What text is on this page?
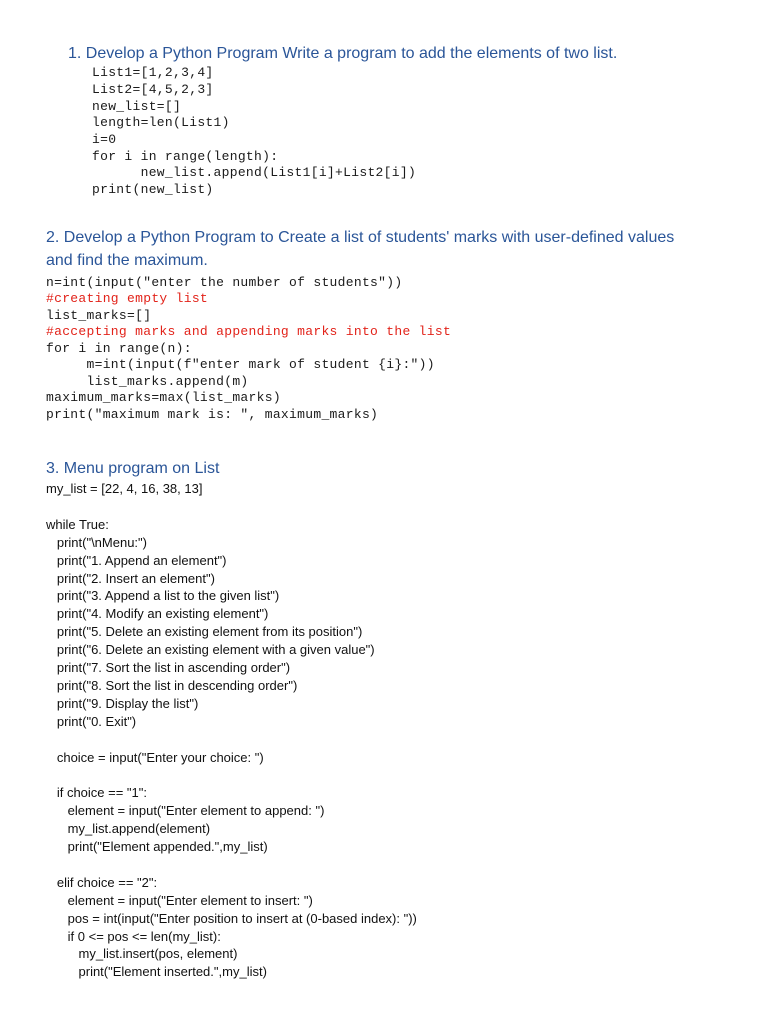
1. Develop a Python Program Write a program to add the elements of two list.
List1=[1,2,3,4]
List2=[4,5,2,3]
new_list=[]
length=len(List1)
i=0
for i in range(length):
new_list.append(List1[i]+List2[i])
print(new_list)
2. Develop a Python Program to Create a list of students' marks with user-defined values
and find the maximum.
n=int(input("enter the number of students"))
#creating empty list
list_marks=[]
#accepting marks and appending marks into the list
for i in range(n):
m=int(input(f"enter mark of student {i}:"))
list_marks.append(m)
maximum_marks=max(list_marks)
print("maximum mark is: ", maximum_marks)
3. Menu program on List
my_list = [22, 4, 16, 38, 13]
while True:
print("\nMenu:")
print("1. Append an element")
print("2. Insert an element")
print("3. Append a list to the given list")
print("4. Modify an existing element")
print("5. Delete an existing element from its position")
print("6. Delete an existing element with a given value")
print("7. Sort the list in ascending order")
print("8. Sort the list in descending order")
print("9. Display the list")
print("0. Exit")
choice = input("Enter your choice: ")
if choice == "1":
element = input("Enter element to append: ")
my_list.append(element)
print("Element appended.",my_list)
elif choice == "2":
element = input("Enter element to insert: ")
pos = int(input("Enter position to insert at (0-based index): "))
if 0 <= pos <= len(my_list):
my_list.insert(pos, element)
print("Element inserted.",my_list)
